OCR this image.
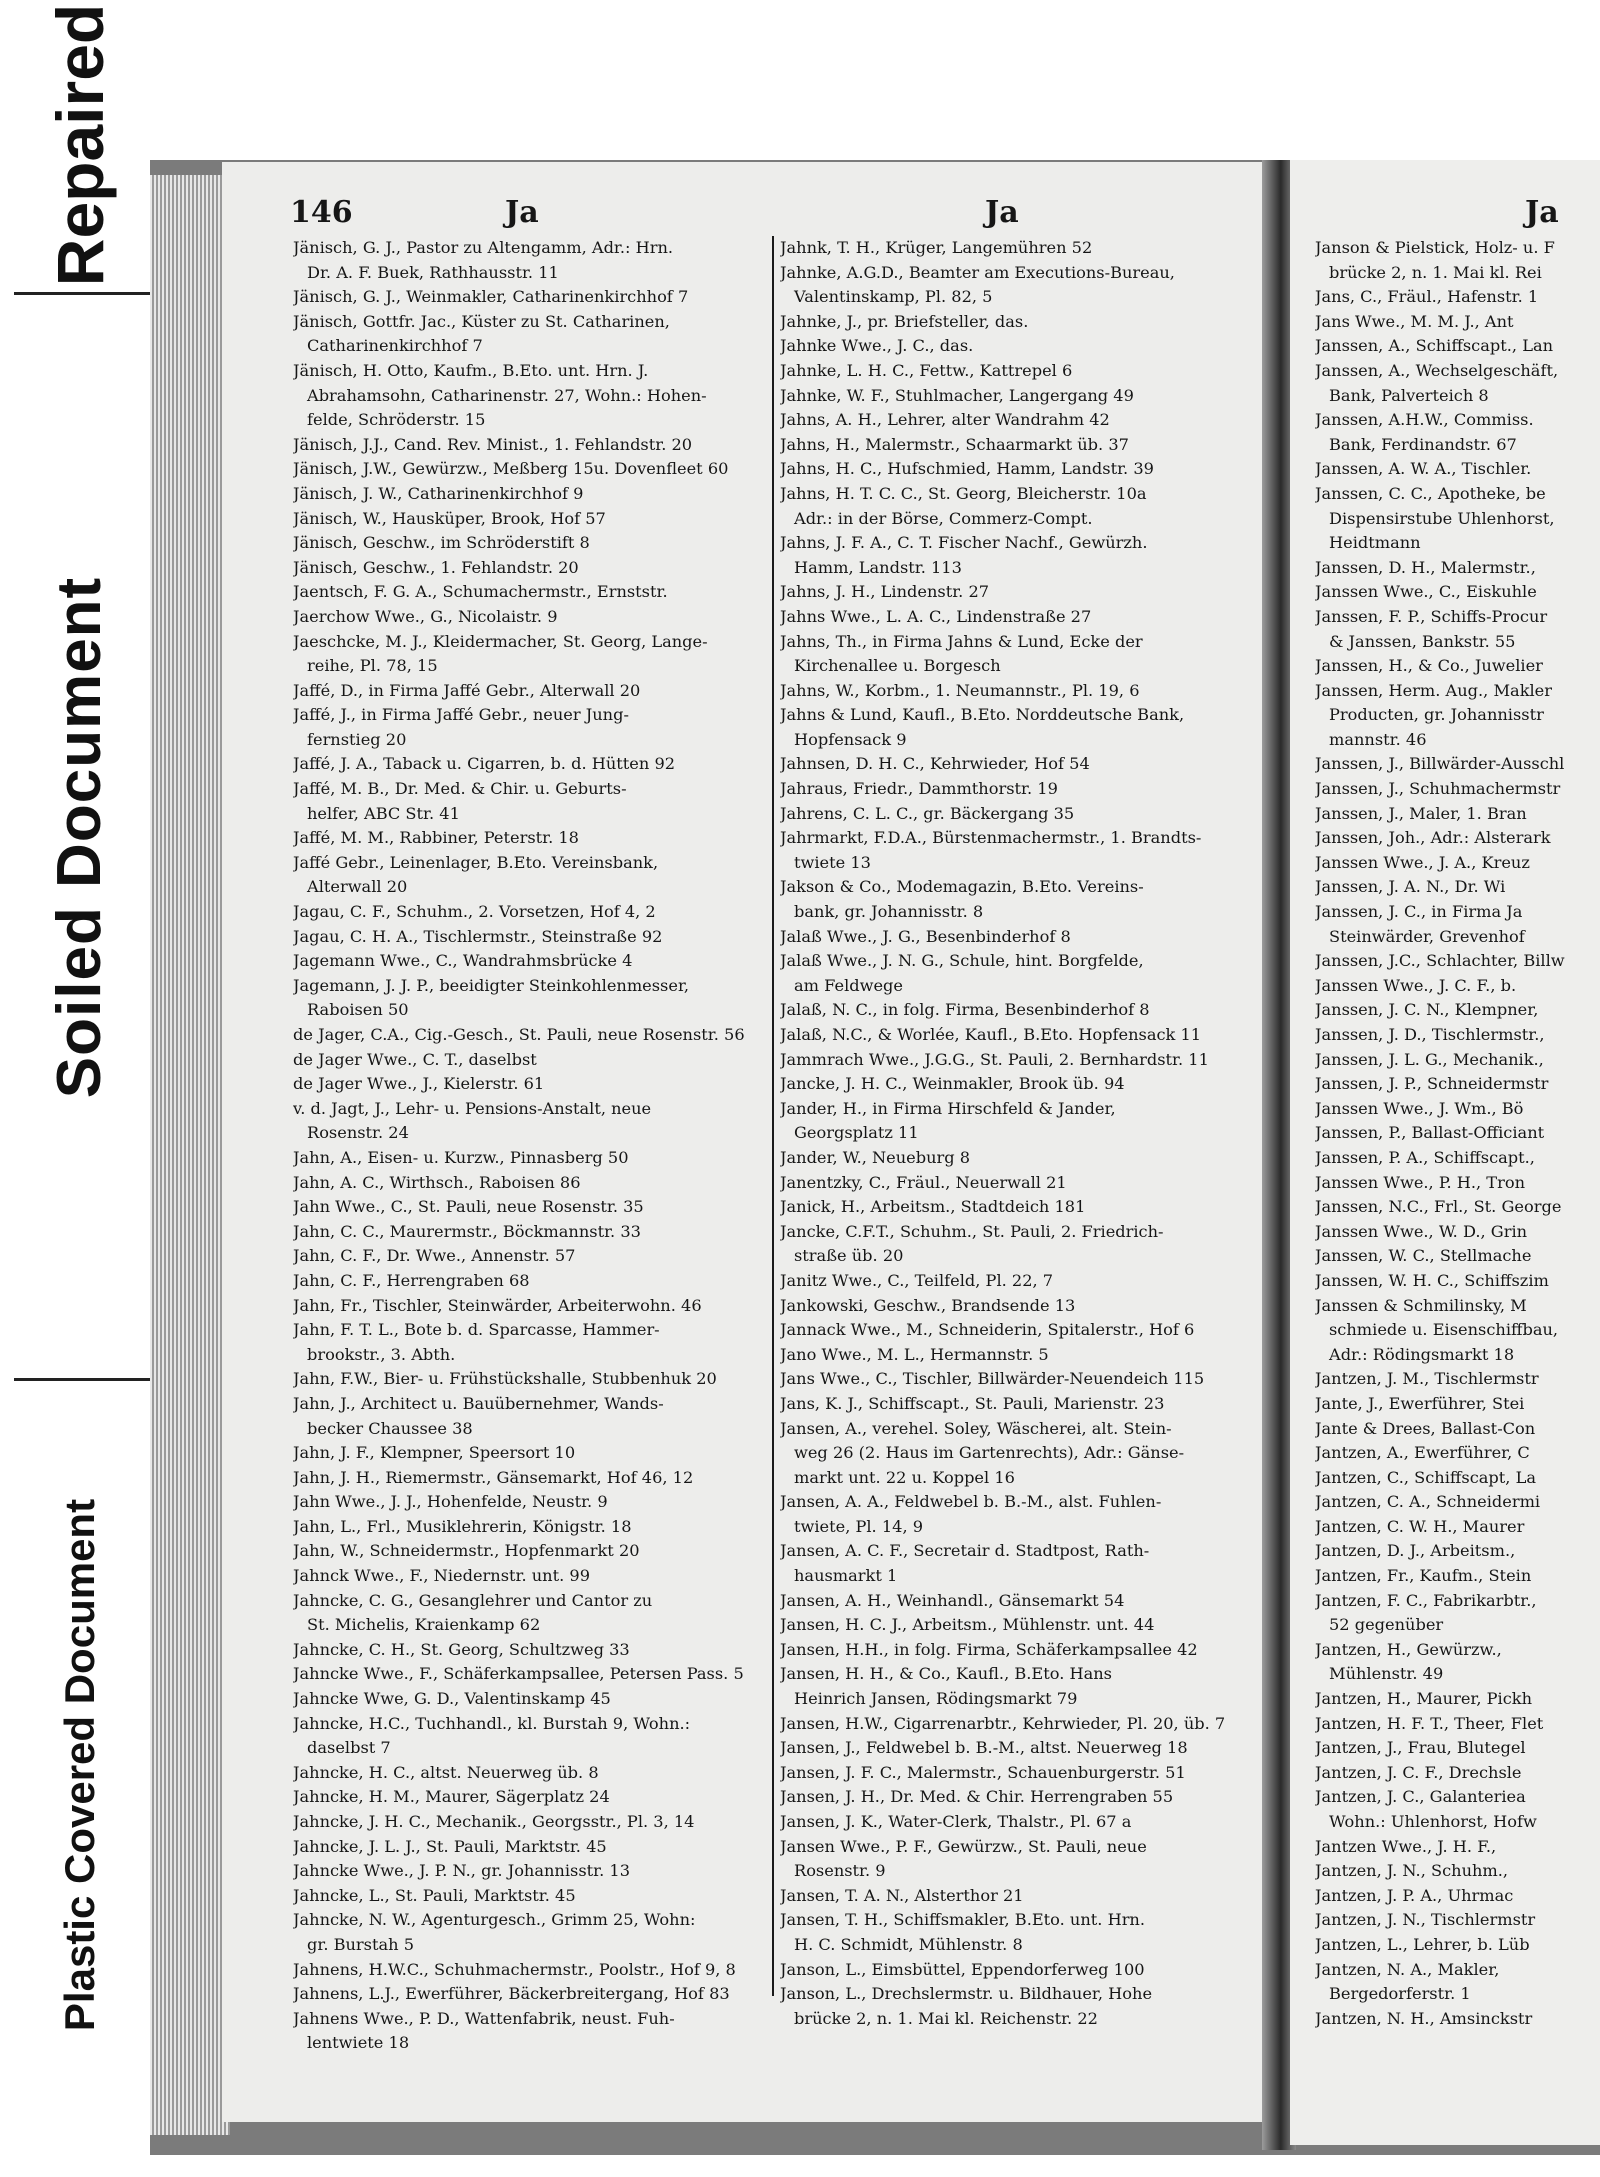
Repaired
Soiled Document
Plastic Covered Document
146	Ja	Ja	Ja
Jänisch, G. J., Pastor zu Altengamm, Adr.: Hrn.
Dr. A. F. Buek, Rathhausstr. 11
Jänisch, G. J., Weinmakler, Catharinenkirchhof 7
Jänisch, Gottfr. Jac., Küster zu St. Catharinen,
Catharinenkirchhof 7
Jänisch, H. Otto, Kaufm., B.Eto. unt. Hrn. J.
Abrahamsohn, Catharinenstr. 27, Wohn.: Hohen-
felde, Schröderstr. 15
Jänisch, J.J., Cand. Rev. Minist., 1. Fehlandstr. 20
Jänisch, J.W., Gewürzw., Meßberg 15u. Dovenfleet 60
Jänisch, J. W., Catharinenkirchhof 9
Jänisch, W., Hausküper, Brook, Hof 57
Jänisch, Geschw., im Schröderstift 8
Jänisch, Geschw., 1. Fehlandstr. 20
Jaentsch, F. G. A., Schumachermstr., Ernststr.
Jaerchow Wwe., G., Nicolaistr. 9
Jaeschcke, M. J., Kleidermacher, St. Georg, Lange-
reihe, Pl. 78, 15
Jaffé, D., in Firma Jaffé Gebr., Alterwall 20
Jaffé, J., in Firma Jaffé Gebr., neuer Jung-
fernstieg 20
Jaffé, J. A., Taback u. Cigarren, b. d. Hütten 92
Jaffé, M. B., Dr. Med. & Chir. u. Geburts-
helfer, ABC Str. 41
Jaffé, M. M., Rabbiner, Peterstr. 18
Jaffé Gebr., Leinenlager, B.Eto. Vereinsbank,
Alterwall 20
Jagau, C. F., Schuhm., 2. Vorsetzen, Hof 4, 2
Jagau, C. H. A., Tischlermstr., Steinstraße 92
Jagemann Wwe., C., Wandrahmsbrücke 4
Jagemann, J. J. P., beeidigter Steinkohlenmesser,
Raboisen 50
de Jager, C.A., Cig.-Gesch., St. Pauli, neue Rosenstr. 56
de Jager Wwe., C. T., daselbst
de Jager Wwe., J., Kielerstr. 61
v. d. Jagt, J., Lehr- u. Pensions-Anstalt, neue
Rosenstr. 24
Jahn, A., Eisen- u. Kurzw., Pinnasberg 50
Jahn, A. C., Wirthsch., Raboisen 86
Jahn Wwe., C., St. Pauli, neue Rosenstr. 35
Jahn, C. C., Maurermstr., Böckmannstr. 33
Jahn, C. F., Dr. Wwe., Annenstr. 57
Jahn, C. F., Herrengraben 68
Jahn, Fr., Tischler, Steinwärder, Arbeiterwohn. 46
Jahn, F. T. L., Bote b. d. Sparcasse, Hammer-
brookstr., 3. Abth.
Jahn, F.W., Bier- u. Frühstückshalle, Stubbenhuk 20
Jahn, J., Architect u. Bauübernehmer, Wands-
becker Chaussee 38
Jahn, J. F., Klempner, Speersort 10
Jahn, J. H., Riemermstr., Gänsemarkt, Hof 46, 12
Jahn Wwe., J. J., Hohenfelde, Neustr. 9
Jahn, L., Frl., Musiklehrerin, Königstr. 18
Jahn, W., Schneidermstr., Hopfenmarkt 20
Jahnck Wwe., F., Niedernstr. unt. 99
Jahncke, C. G., Gesanglehrer und Cantor zu
St. Michelis, Kraienkamp 62
Jahncke, C. H., St. Georg, Schultzweg 33
Jahncke Wwe., F., Schäferkampsallee, Petersen Pass. 5
Jahncke Wwe, G. D., Valentinskamp 45
Jahncke, H.C., Tuchhandl., kl. Burstah 9, Wohn.:
daselbst 7
Jahncke, H. C., altst. Neuerweg üb. 8
Jahncke, H. M., Maurer, Sägerplatz 24
Jahncke, J. H. C., Mechanik., Georgsstr., Pl. 3, 14
Jahncke, J. L. J., St. Pauli, Marktstr. 45
Jahncke Wwe., J. P. N., gr. Johannisstr. 13
Jahncke, L., St. Pauli, Marktstr. 45
Jahncke, N. W., Agenturgesch., Grimm 25, Wohn:
gr. Burstah 5
Jahnens, H.W.C., Schuhmachermstr., Poolstr., Hof 9, 8
Jahnens, L.J., Ewerführer, Bäckerbreitergang, Hof 83
Jahnens Wwe., P. D., Wattenfabrik, neust. Fuh-
lentwiete 18
Jahnk, T. H., Krüger, Langemühren 52
Jahnke, A.G.D., Beamter am Executions-Bureau,
Valentinskamp, Pl. 82, 5
Jahnke, J., pr. Briefsteller, das.
Jahnke Wwe., J. C., das.
Jahnke, L. H. C., Fettw., Kattrepel 6
Jahnke, W. F., Stuhlmacher, Langergang 49
Jahns, A. H., Lehrer, alter Wandrahm 42
Jahns, H., Malermstr., Schaarmarkt üb. 37
Jahns, H. C., Hufschmied, Hamm, Landstr. 39
Jahns, H. T. C. C., St. Georg, Bleicherstr. 10a
Adr.: in der Börse, Commerz-Compt.
Jahns, J. F. A., C. T. Fischer Nachf., Gewürzh.
Hamm, Landstr. 113
Jahns, J. H., Lindenstr. 27
Jahns Wwe., L. A. C., Lindenstraße 27
Jahns, Th., in Firma Jahns & Lund, Ecke der
Kirchenallee u. Borgesch
Jahns, W., Korbm., 1. Neumannstr., Pl. 19, 6
Jahns & Lund, Kaufl., B.Eto. Norddeutsche Bank,
Hopfensack 9
Jahnsen, D. H. C., Kehrwieder, Hof 54
Jahraus, Friedr., Dammthorstr. 19
Jahrens, C. L. C., gr. Bäckergang 35
Jahrmarkt, F.D.A., Bürstenmachermstr., 1. Brandts-
twiete 13
Jakson & Co., Modemagazin, B.Eto. Vereins-
bank, gr. Johannisstr. 8
Jalaß Wwe., J. G., Besenbinderhof 8
Jalaß Wwe., J. N. G., Schule, hint. Borgfelde,
am Feldwege
Jalaß, N. C., in folg. Firma, Besenbinderhof 8
Jalaß, N.C., & Worlée, Kaufl., B.Eto. Hopfensack 11
Jammrach Wwe., J.G.G., St. Pauli, 2. Bernhardstr. 11
Jancke, J. H. C., Weinmakler, Brook üb. 94
Jander, H., in Firma Hirschfeld & Jander,
Georgsplatz 11
Jander, W., Neueburg 8
Janentzky, C., Fräul., Neuerwall 21
Janick, H., Arbeitsm., Stadtdeich 181
Jancke, C.F.T., Schuhm., St. Pauli, 2. Friedrich-
straße üb. 20
Janitz Wwe., C., Teilfeld, Pl. 22, 7
Jankowski, Geschw., Brandsende 13
Jannack Wwe., M., Schneiderin, Spitalerstr., Hof 6
Jano Wwe., M. L., Hermannstr. 5
Jans Wwe., C., Tischler, Billwärder-Neuendeich 115
Jans, K. J., Schiffscapt., St. Pauli, Marienstr. 23
Jansen, A., verehel. Soley, Wäscherei, alt. Stein-
weg 26 (2. Haus im Gartenrechts), Adr.: Gänse-
markt unt. 22 u. Koppel 16
Jansen, A. A., Feldwebel b. B.-M., alst. Fuhlen-
twiete, Pl. 14, 9
Jansen, A. C. F., Secretair d. Stadtpost, Rath-
hausmarkt 1
Jansen, A. H., Weinhandl., Gänsemarkt 54
Jansen, H. C. J., Arbeitsm., Mühlenstr. unt. 44
Jansen, H.H., in folg. Firma, Schäferkampsallee 42
Jansen, H. H., & Co., Kaufl., B.Eto. Hans
Heinrich Jansen, Rödingsmarkt 79
Jansen, H.W., Cigarrenarbtr., Kehrwieder, Pl. 20, üb. 7
Jansen, J., Feldwebel b. B.-M., altst. Neuerweg 18
Jansen, J. F. C., Malermstr., Schauenburgerstr. 51
Jansen, J. H., Dr. Med. & Chir. Herrengraben 55
Jansen, J. K., Water-Clerk, Thalstr., Pl. 67 a
Jansen Wwe., P. F., Gewürzw., St. Pauli, neue
Rosenstr. 9
Jansen, T. A. N., Alsterthor 21
Jansen, T. H., Schiffsmakler, B.Eto. unt. Hrn.
H. C. Schmidt, Mühlenstr. 8
Janson, L., Eimsbüttel, Eppendorferweg 100
Janson, L., Drechslermstr. u. Bildhauer, Hohe
brücke 2, n. 1. Mai kl. Reichenstr. 22
Janson & Pielstick, Holz- u. F
brücke 2, n. 1. Mai kl. Rei
Jans, C., Fräul., Hafenstr. 1
Jans Wwe., M. M. J., Ant
Janssen, A., Schiffscapt., Lan
Janssen, A., Wechselgeschäft,
Bank, Palverteich 8
Janssen, A.H.W., Commiss.
Bank, Ferdinandstr. 67
Janssen, A. W. A., Tischler.
Janssen, C. C., Apotheke, be
Dispensirstube Uhlenhorst,
Heidtmann
Janssen, D. H., Malermstr.,
Janssen Wwe., C., Eiskuhle
Janssen, F. P., Schiffs-Procur
& Janssen, Bankstr. 55
Janssen, H., & Co., Juwelier
Janssen, Herm. Aug., Makler
Producten, gr. Johannisstr
mannstr. 46
Janssen, J., Billwärder-Ausschl
Janssen, J., Schuhmachermstr
Janssen, J., Maler, 1. Bran
Janssen, Joh., Adr.: Alsterark
Janssen Wwe., J. A., Kreuz
Janssen, J. A. N., Dr. Wi
Janssen, J. C., in Firma Ja
Steinwärder, Grevenhof
Janssen, J.C., Schlachter, Billw
Janssen Wwe., J. C. F., b.
Janssen, J. C. N., Klempner,
Janssen, J. D., Tischlermstr.,
Janssen, J. L. G., Mechanik.,
Janssen, J. P., Schneidermstr
Janssen Wwe., J. Wm., Bö
Janssen, P., Ballast-Officiant
Janssen, P. A., Schiffscapt.,
Janssen Wwe., P. H., Tron
Janssen, N.C., Frl., St. George
Janssen Wwe., W. D., Grin
Janssen, W. C., Stellmache
Janssen, W. H. C., Schiffszim
Janssen & Schmilinsky, M
schmiede u. Eisenschiffbau,
Adr.: Rödingsmarkt 18
Jantzen, J. M., Tischlermstr
Jante, J., Ewerführer, Stei
Jante & Drees, Ballast-Con
Jantzen, A., Ewerführer, C
Jantzen, C., Schiffscapt, La
Jantzen, C. A., Schneidermi
Jantzen, C. W. H., Maurer
Jantzen, D. J., Arbeitsm.,
Jantzen, Fr., Kaufm., Stein
Jantzen, F. C., Fabrikarbtr.,
52 gegenüber
Jantzen, H., Gewürzw.,
Mühlenstr. 49
Jantzen, H., Maurer, Pickh
Jantzen, H. F. T., Theer, Flet
Jantzen, J., Frau, Blutegel
Jantzen, J. C. F., Drechsle
Jantzen, J. C., Galanteriea
Wohn.: Uhlenhorst, Hofw
Jantzen Wwe., J. H. F.,
Jantzen, J. N., Schuhm.,
Jantzen, J. P. A., Uhrmac
Jantzen, J. N., Tischlermstr
Jantzen, L., Lehrer, b. Lüb
Jantzen, N. A., Makler,
Bergedorferstr. 1
Jantzen, N. H., Amsinckstr
